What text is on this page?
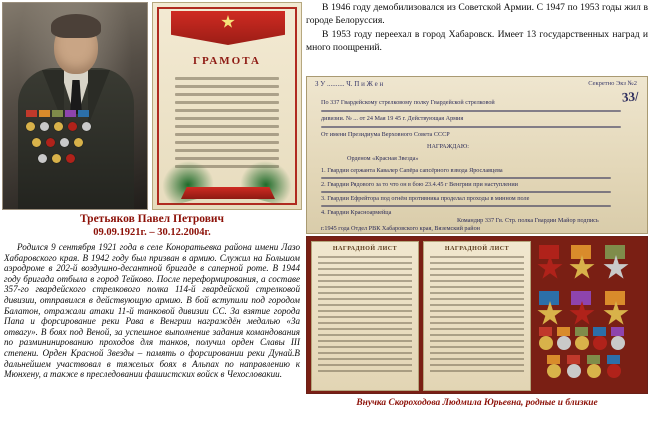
ГРАМОТА
Третьяков Павел Петрович
09.09.1921г. – 30.12.2004г.
Родился 9 сентября 1921 года в селе Коноратьевка района имени Лазо Хабаровского края. В 1942 году был призван в армию. Служил на Большом аэродроме в 202-й воздушно-десантной бригаде в саперной роте. В 1944 году бригада отбыла в город Тейково. После переформирования, а составе 357-го гвардейского стрелкового полка 114-й гвардейской стрелковой дивизии, отправился в действующую армию. В бой вступили под городом Балатон, отражали атаки 11-й танковой дивизии СС. За взятие города Папа и форсирование реки Рава в Венгрии награждён медалью «За отвагу». В боях под Веной, за успешное выполнение задания командования по размининированию проходов для танков, получил орден Славы III степени. Орден Красной Звезды – память о форсировании реки Дунай.В дальнейшем участвовал в тяжелых боях в Альпах по направлению к Мюнхену, а также в преследовании фашистских войск в Чехословакии.
В 1946 году демобилизовался из Советской Армии. С 1947 по 1953 годы жил в городе Белоруссия.
В 1953 году переехал в город Хабаровск. Имеет 13 государственных наград и много поощрений.
З У .......... Ч. П и Ж е н	Секретно Экз №2
33/
По 337 Гвардейскому стрелковому полку Гвардейской стрелковой
дивизии. № ... от 24 Мая 19 45 г. Действующая Армия
От имени Президиума Верховного Совета СССР
НАГРАЖДАЮ:
Орденом «Красная Звезда»
1. Гвардии сержанта Кавалер Сапёра сапсёрного взвода Ярославцева
2. Гвардии Рядового за то что он в бою 23.4.45 г Венгрии при наступлении
3. Гвардии Ефрейтора под огнём противника проделал проходы в минном поле
4. Гвардии Красноармейца
Командир 337 Гв. Стр. полка Гвардии Майор подпись
г.1945 года Отдел РВК Хабаровского края, Вяземский район
НАГРАДНОЙ ЛИСТ	НАГРАДНОЙ ЛИСТ
Внучка Скороходова Людмила Юрьевна, родные и близкие
